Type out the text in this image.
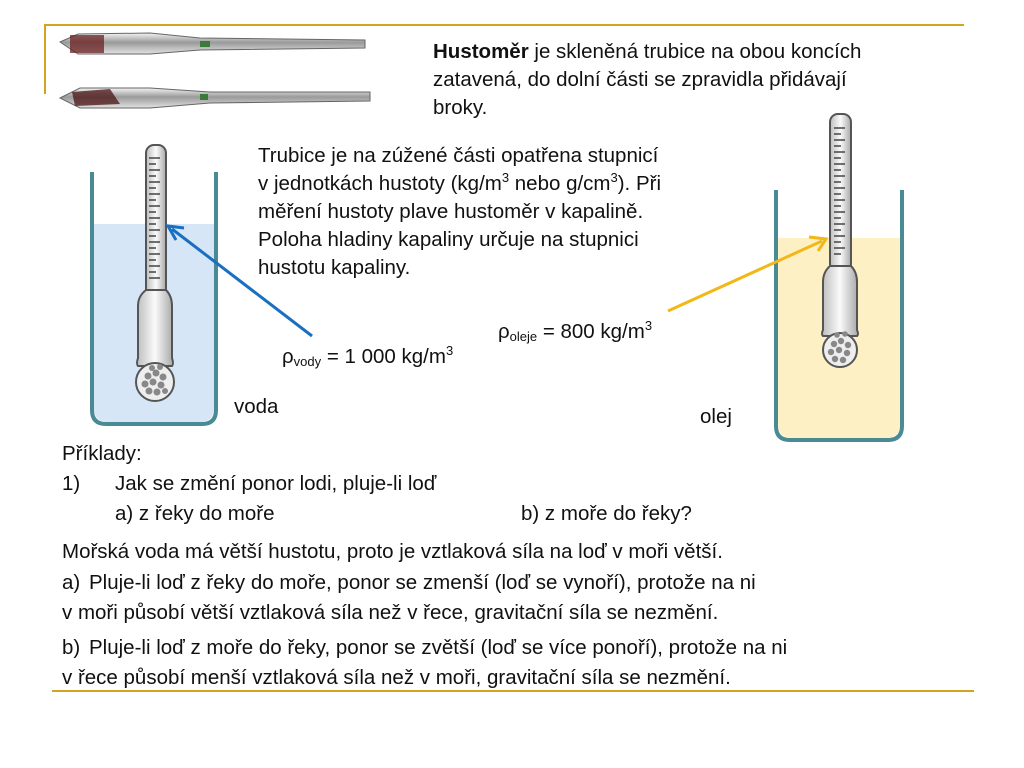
Hustoměr je skleněná trubice na obou koncích
zatavená, do dolní části se zpravidla přidávají
broky.
Trubice je na zúžené části opatřena stupnicí
v jednotkách hustoty ($kg/m^3$ nebo $g/cm^3$). Při
měření hustoty plave hustoměr v kapalině.
Poloha hladiny kapaliny určuje na stupnici
hustotu kapaliny.
$\rho_{oleje} = 800$ $kg/m^3$
$\rho_{vody} = 1$ 000 $kg/m^3$
voda	olej
Příklady:
1) Jak se změní ponor lodi, pluje-li loď
a) z řeky do moře	b) z moře do řeky?
Mořská voda má větší hustotu, proto je vztlaková síla na loď v moři větší.
a) Pluje-li loď z řeky do moře, ponor se zmenší (loď se vynoří), protože na ni
v moři působí větší vztlaková síla než v řece, gravitační síla se nezmění.
b) Pluje-li loď z moře do řeky, ponor se zvětší (loď se více ponoří), protože na ni
v řece působí menší vztlaková síla než v moři, gravitační síla se nezmění.
